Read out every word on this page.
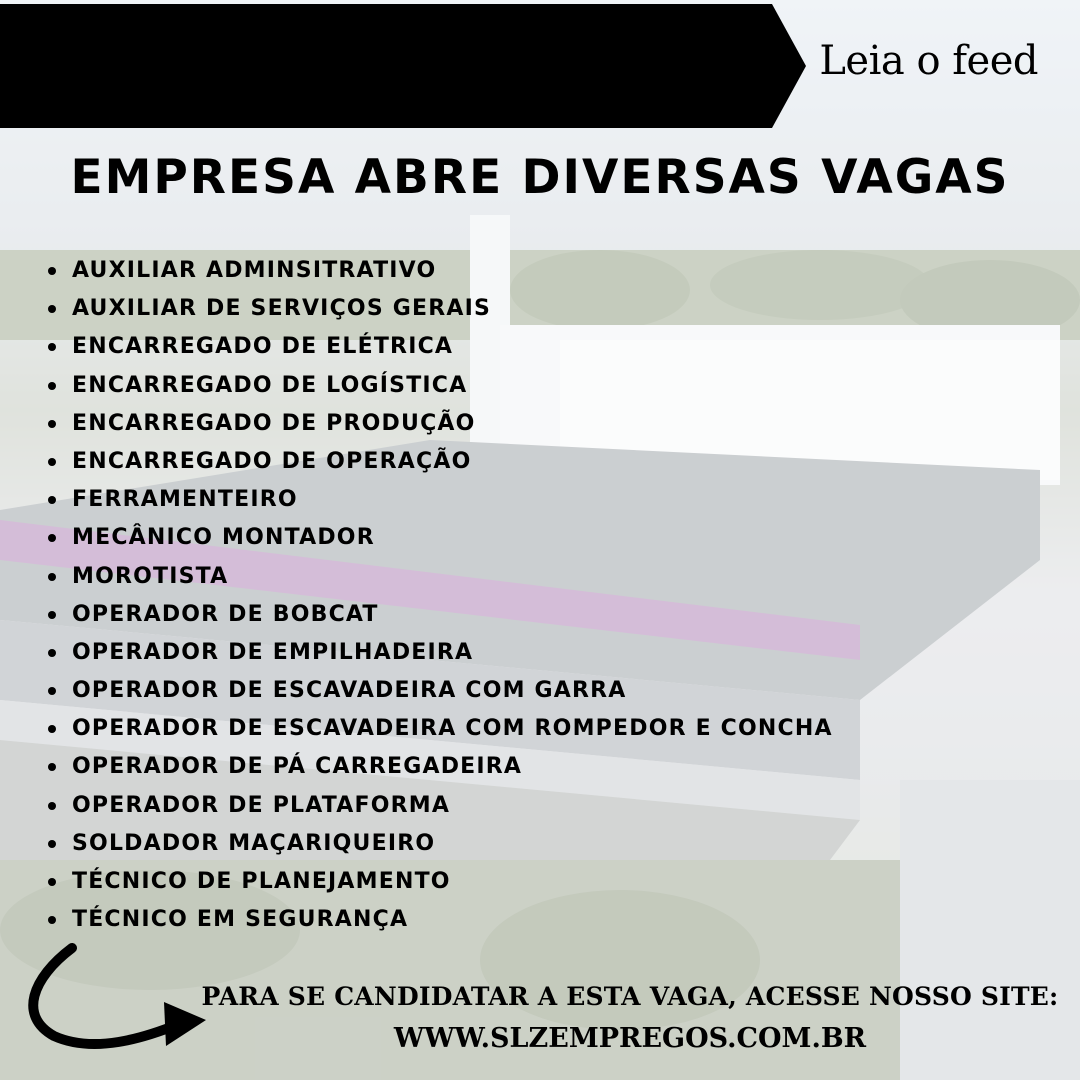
Leia o feed
EMPRESA ABRE DIVERSAS VAGAS
AUXILIAR ADMINSITRATIVO
AUXILIAR DE SERVIÇOS GERAIS
ENCARREGADO DE ELÉTRICA
ENCARREGADO DE LOGÍSTICA
ENCARREGADO DE PRODUÇÃO
ENCARREGADO DE OPERAÇÃO
FERRAMENTEIRO
MECÂNICO MONTADOR
MOROTISTA
OPERADOR DE BOBCAT
OPERADOR DE EMPILHADEIRA
OPERADOR DE ESCAVADEIRA COM GARRA
OPERADOR DE ESCAVADEIRA COM ROMPEDOR E CONCHA
OPERADOR DE PÁ CARREGADEIRA
OPERADOR DE PLATAFORMA
SOLDADOR MAÇARIQUEIRO
TÉCNICO DE PLANEJAMENTO
TÉCNICO EM SEGURANÇA
PARA SE CANDIDATAR A ESTA VAGA, ACESSE NOSSO SITE:
WWW.SLZEMPREGOS.COM.BR
